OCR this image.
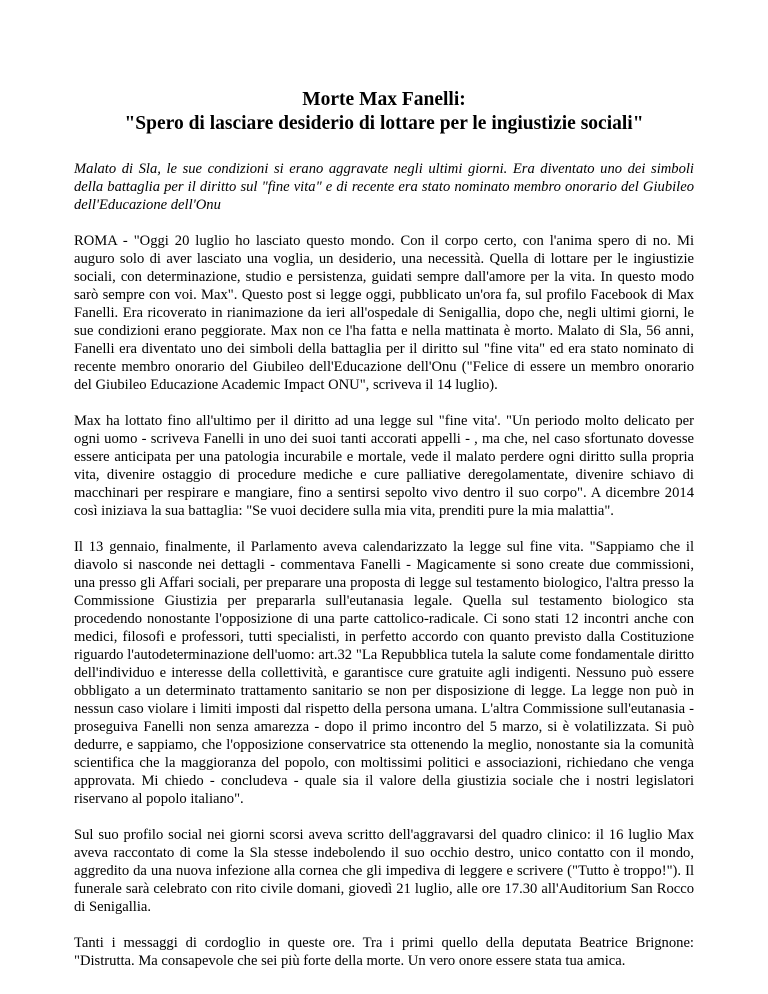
Morte Max Fanelli:
"Spero di lasciare desiderio di lottare per le ingiustizie sociali"

Malato di Sla, le sue condizioni si erano aggravate negli ultimi giorni. Era diventato uno dei simboli della battaglia per il diritto sul "fine vita" e di recente era stato nominato membro onorario del Giubileo dell'Educazione dell'Onu

ROMA - "Oggi 20 luglio ho lasciato questo mondo. Con il corpo certo, con l'anima spero di no. Mi auguro solo di aver lasciato una voglia, un desiderio, una necessità. Quella di lottare per le ingiustizie sociali, con determinazione, studio e persistenza, guidati sempre dall'amore per la vita. In questo modo sarò sempre con voi. Max". Questo post si legge oggi, pubblicato un'ora fa, sul profilo Facebook di Max Fanelli. Era ricoverato in rianimazione da ieri all'ospedale di Senigallia, dopo che, negli ultimi giorni, le sue condizioni erano peggiorate. Max non ce l'ha fatta e nella mattinata è morto. Malato di Sla, 56 anni, Fanelli era diventato uno dei simboli della battaglia per il diritto sul "fine vita" ed era stato nominato di recente membro onorario del Giubileo dell'Educazione dell'Onu ("Felice di essere un membro onorario del Giubileo Educazione Academic Impact ONU", scriveva il 14 luglio).

Max ha lottato fino all'ultimo per il diritto ad una legge sul "fine vita'. "Un periodo molto delicato per ogni uomo - scriveva Fanelli in uno dei suoi tanti accorati appelli - , ma che, nel caso sfortunato dovesse essere anticipata per una patologia incurabile e mortale, vede il malato perdere ogni diritto sulla propria vita, divenire ostaggio di procedure mediche e cure palliative deregolamentate, divenire schiavo di macchinari per respirare e mangiare, fino a sentirsi sepolto vivo dentro il suo corpo". A dicembre 2014 così iniziava la sua battaglia: "Se vuoi decidere sulla mia vita, prenditi pure la mia malattia".

Il 13 gennaio, finalmente, il Parlamento aveva calendarizzato la legge sul fine vita. "Sappiamo che il diavolo si nasconde nei dettagli - commentava Fanelli - Magicamente si sono create due commissioni, una presso gli Affari sociali, per preparare una proposta di legge sul testamento biologico, l'altra presso la Commissione Giustizia per prepararla sull'eutanasia legale. Quella sul testamento biologico sta procedendo nonostante l'opposizione di una parte cattolico-radicale. Ci sono stati 12 incontri anche con medici, filosofi e professori, tutti specialisti, in perfetto accordo con quanto previsto dalla Costituzione riguardo l'autodeterminazione dell'uomo: art.32 "La Repubblica tutela la salute come fondamentale diritto dell'individuo e interesse della collettività, e garantisce cure gratuite agli indigenti. Nessuno può essere obbligato a un determinato trattamento sanitario se non per disposizione di legge. La legge non può in nessun caso violare i limiti imposti dal rispetto della persona umana. L'altra Commissione sull'eutanasia - proseguiva Fanelli non senza amarezza - dopo il primo incontro del 5 marzo, si è volatilizzata. Si può dedurre, e sappiamo, che l'opposizione conservatrice sta ottenendo la meglio, nonostante sia la comunità scientifica che la maggioranza del popolo, con moltissimi politici e associazioni, richiedano che venga approvata. Mi chiedo - concludeva - quale sia il valore della giustizia sociale che i nostri legislatori riservano al popolo italiano".

Sul suo profilo social nei giorni scorsi aveva scritto dell'aggravarsi del quadro clinico: il 16 luglio Max aveva raccontato di come la Sla stesse indebolendo il suo occhio destro, unico contatto con il mondo, aggredito da una nuova infezione alla cornea che gli impediva di leggere e scrivere ("Tutto è troppo!"). Il funerale sarà celebrato con rito civile domani, giovedì 21 luglio, alle ore 17.30 all'Auditorium San Rocco di Senigallia.

Tanti i messaggi di cordoglio in queste ore. Tra i primi quello della deputata Beatrice Brignone: "Distrutta. Ma consapevole che sei più forte della morte. Un vero onore essere stata tua amica.
